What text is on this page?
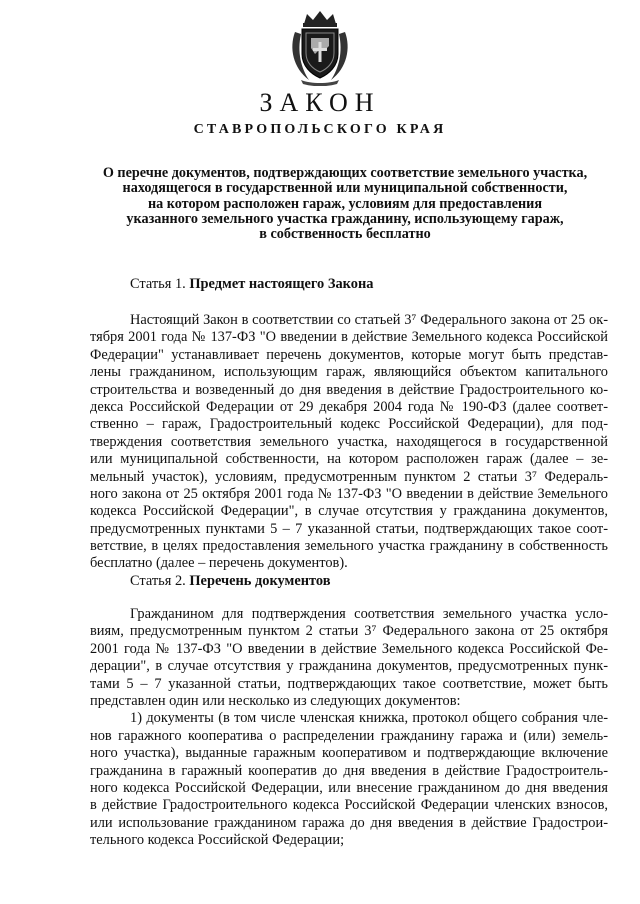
ЗАКОН
СТАВРОПОЛЬСКОГО КРАЯ
О перечне документов, подтверждающих соответствие земельного участка,
находящегося в государственной или муниципальной собственности,
на котором расположен гараж, условиям для предоставления
указанного земельного участка гражданину, использующему гараж,
в собственность бесплатно
Статья 1. Предмет настоящего Закона
Настоящий Закон в соответствии со статьей 3⁷ Федерального закона от 25 ок-
тября 2001 года № 137-ФЗ "О введении в действие Земельного кодекса Российской
Федерации" устанавливает перечень документов, которые могут быть представ-
лены гражданином, использующим гараж, являющийся объектом капитального
строительства и возведенный до дня введения в действие Градостроительного ко-
декса Российской Федерации от 29 декабря 2004 года № 190-ФЗ (далее соответ-
ственно – гараж, Градостроительный кодекс Российской Федерации), для под-
тверждения соответствия земельного участка, находящегося в государственной
или муниципальной собственности, на котором расположен гараж (далее – зе-
мельный участок), условиям, предусмотренным пунктом 2 статьи 3⁷ Федераль-
ного закона от 25 октября 2001 года № 137-ФЗ "О введении в действие Земельного
кодекса Российской Федерации", в случае отсутствия у гражданина документов,
предусмотренных пунктами 5 – 7 указанной статьи, подтверждающих такое соот-
ветствие, в целях предоставления земельного участка гражданину в собственность
бесплатно (далее – перечень документов).
Статья 2. Перечень документов
Гражданином для подтверждения соответствия земельного участка усло-
виям, предусмотренным пунктом 2 статьи 3⁷ Федерального закона от 25 октября
2001 года № 137-ФЗ "О введении в действие Земельного кодекса Российской Фе-
дерации", в случае отсутствия у гражданина документов, предусмотренных пунк-
тами 5 – 7 указанной статьи, подтверждающих такое соответствие, может быть
представлен один или несколько из следующих документов:
1) документы (в том числе членская книжка, протокол общего собрания чле-
нов гаражного кооператива о распределении гражданину гаража и (или) земель-
ного участка), выданные гаражным кооперативом и подтверждающие включение
гражданина в гаражный кооператив до дня введения в действие Градостроитель-
ного кодекса Российской Федерации, или внесение гражданином до дня введения
в действие Градостроительного кодекса Российской Федерации членских взносов,
или использование гражданином гаража до дня введения в действие Градострои-
тельного кодекса Российской Федерации;
